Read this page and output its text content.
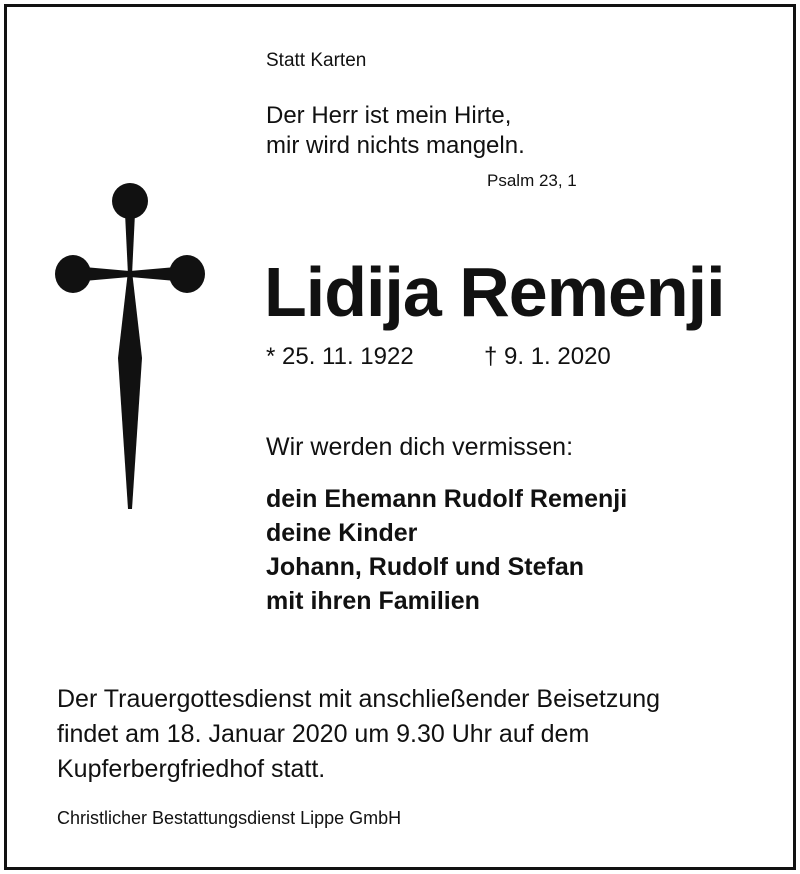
Statt Karten
Der Herr ist mein Hirte,
mir wird nichts mangeln.
Psalm 23, 1
Lidija Remenji
* 25. 11. 1922	† 9. 1. 2020
Wir werden dich vermissen:
dein Ehemann Rudolf Remenji
deine Kinder
Johann, Rudolf und Stefan
mit ihren Familien
Der Trauergottesdienst mit anschließender Beisetzung
findet am 18. Januar 2020 um 9.30 Uhr auf dem
Kupferbergfriedhof statt.
Christlicher Bestattungsdienst Lippe GmbH
